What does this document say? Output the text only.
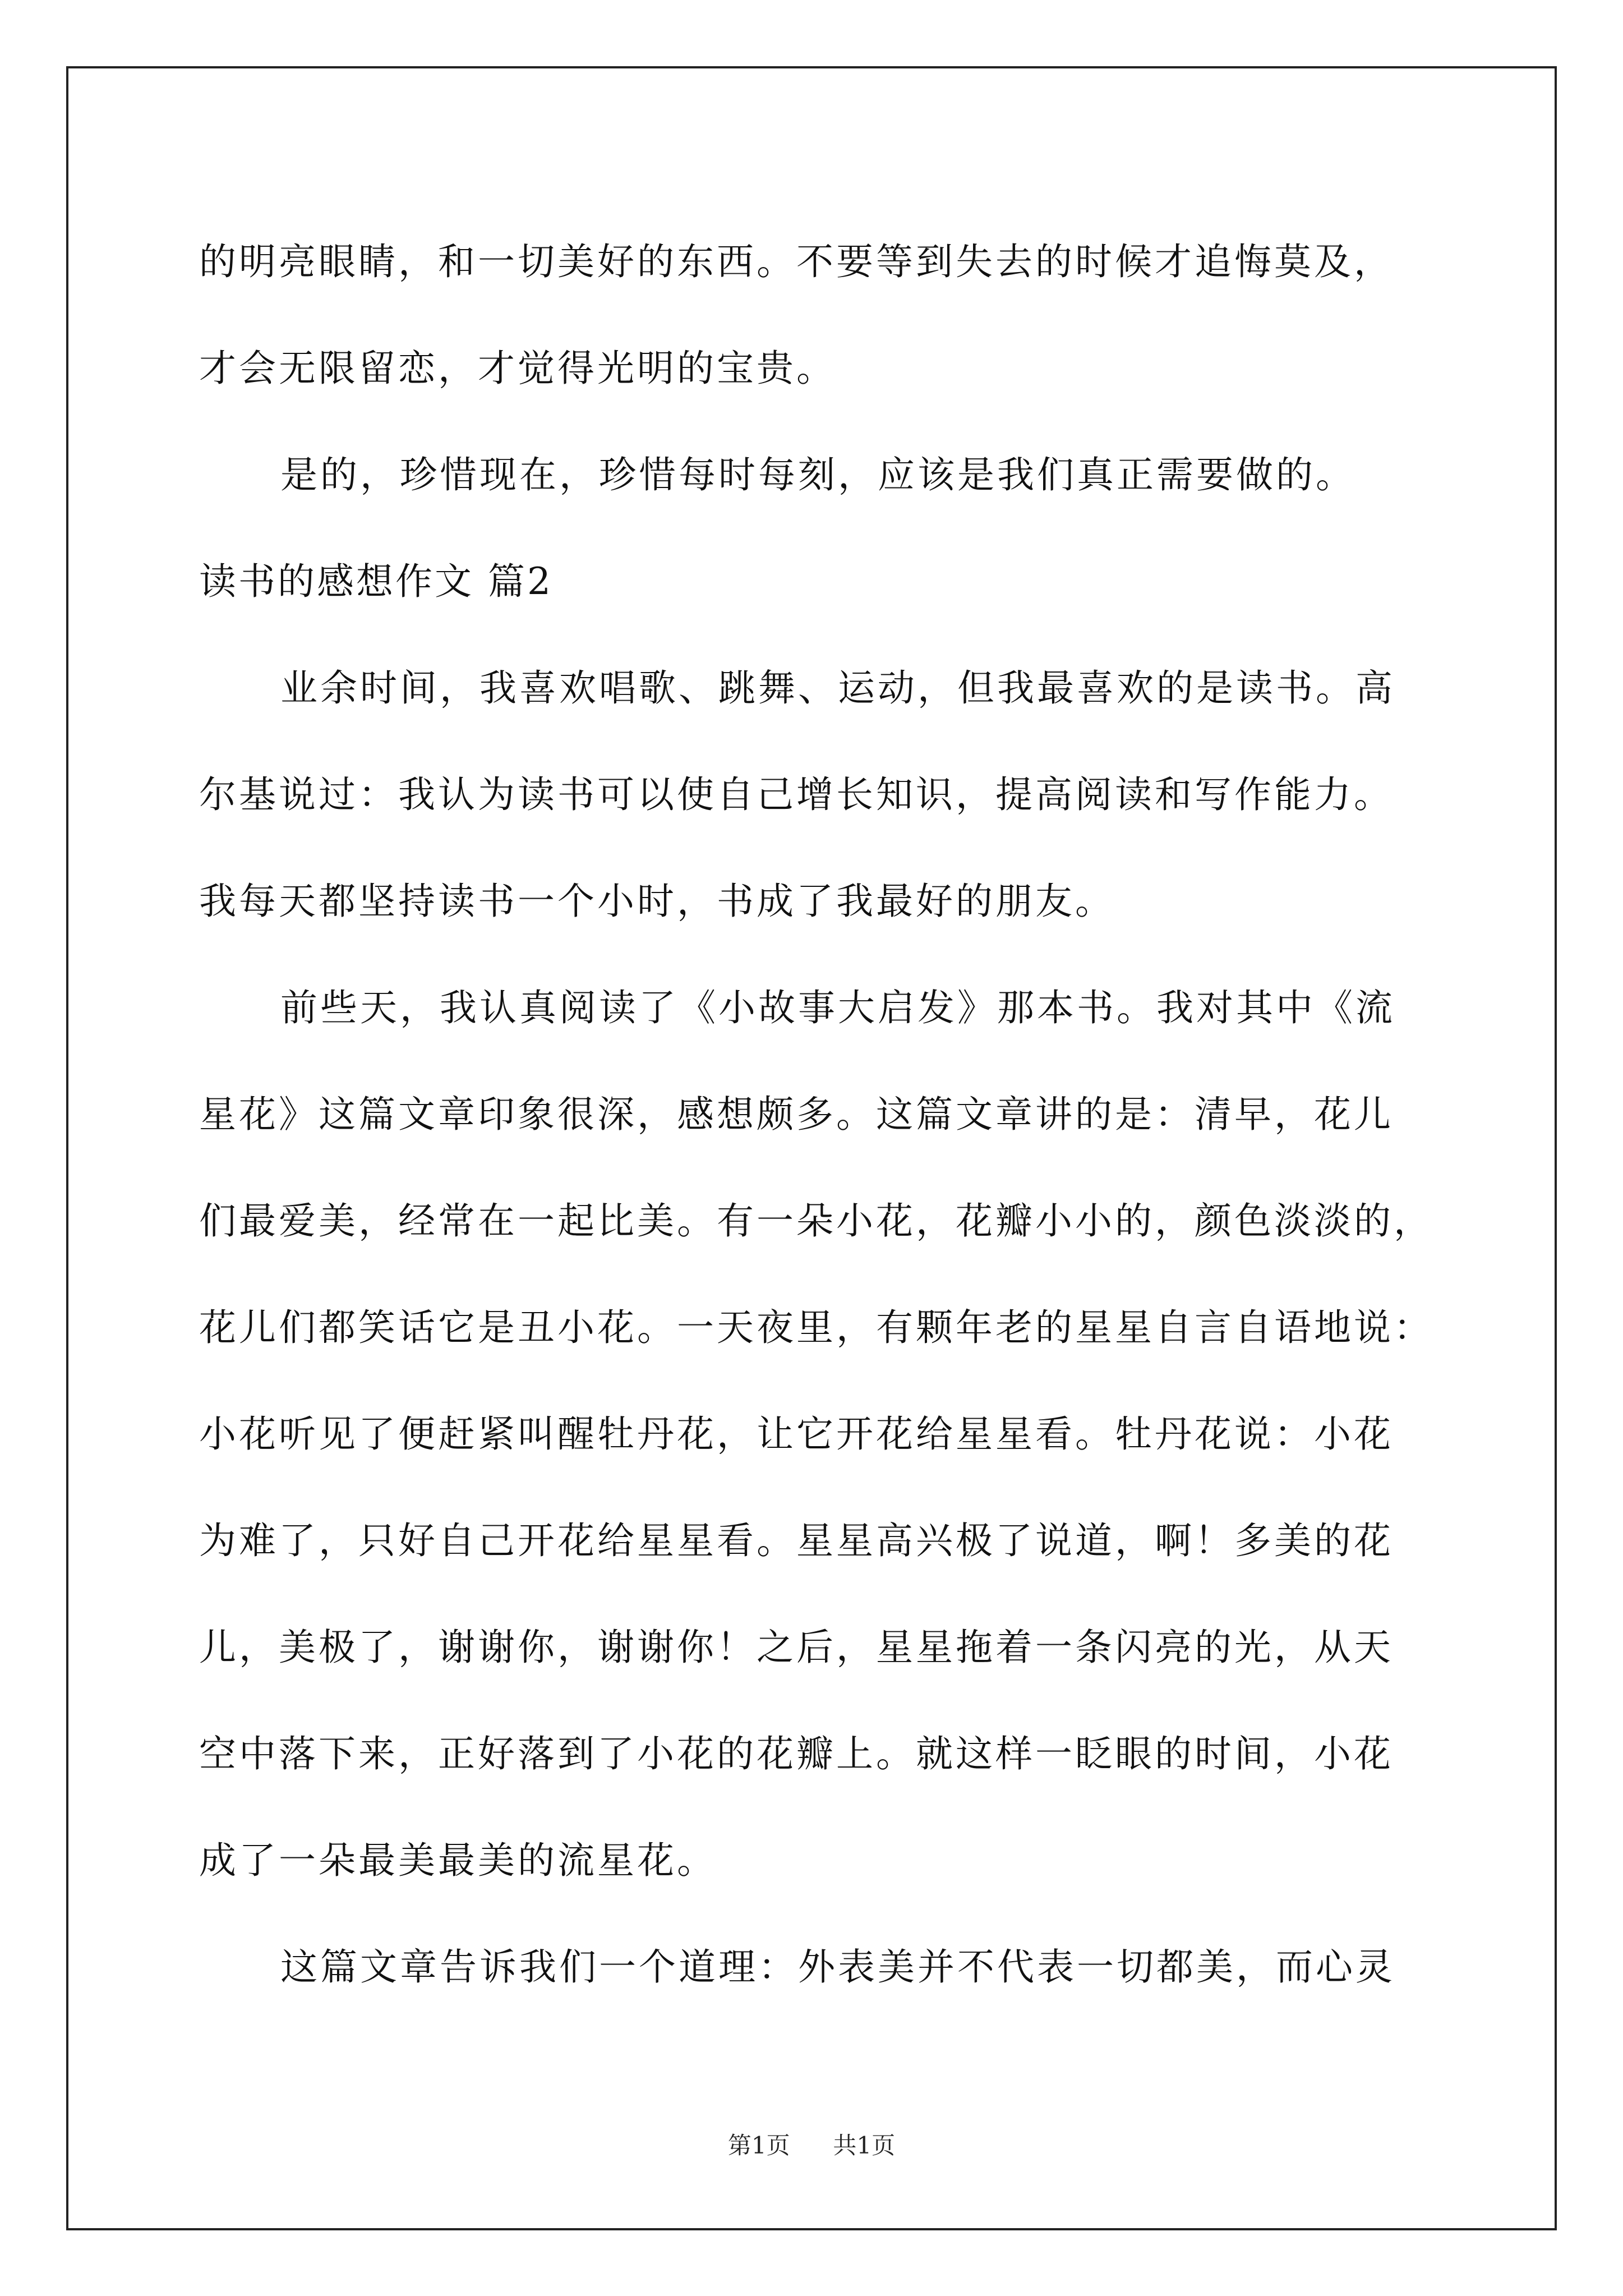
的明亮眼睛，和一切美好的东西。不要等到失去的时候才追悔莫及，
才会无限留恋，才觉得光明的宝贵。
是的，珍惜现在，珍惜每时每刻，应该是我们真正需要做的。
读书的感想作文 篇2
业余时间，我喜欢唱歌、跳舞、运动，但我最喜欢的是读书。高
尔基说过：我认为读书可以使自己增长知识，提高阅读和写作能力。
我每天都坚持读书一个小时，书成了我最好的朋友。
前些天，我认真阅读了《小故事大启发》那本书。我对其中《流
星花》这篇文章印象很深，感想颇多。这篇文章讲的是：清早，花儿
们最爱美，经常在一起比美。有一朵小花，花瓣小小的，颜色淡淡的，
花儿们都笑话它是丑小花。一天夜里，有颗年老的星星自言自语地说：
小花听见了便赶紧叫醒牡丹花，让它开花给星星看。牡丹花说：小花
为难了，只好自己开花给星星看。星星高兴极了说道，啊！多美的花
儿，美极了，谢谢你，谢谢你！之后，星星拖着一条闪亮的光，从天
空中落下来，正好落到了小花的花瓣上。就这样一眨眼的时间，小花
成了一朵最美最美的流星花。
这篇文章告诉我们一个道理：外表美并不代表一切都美，而心灵
第1页 共1页
